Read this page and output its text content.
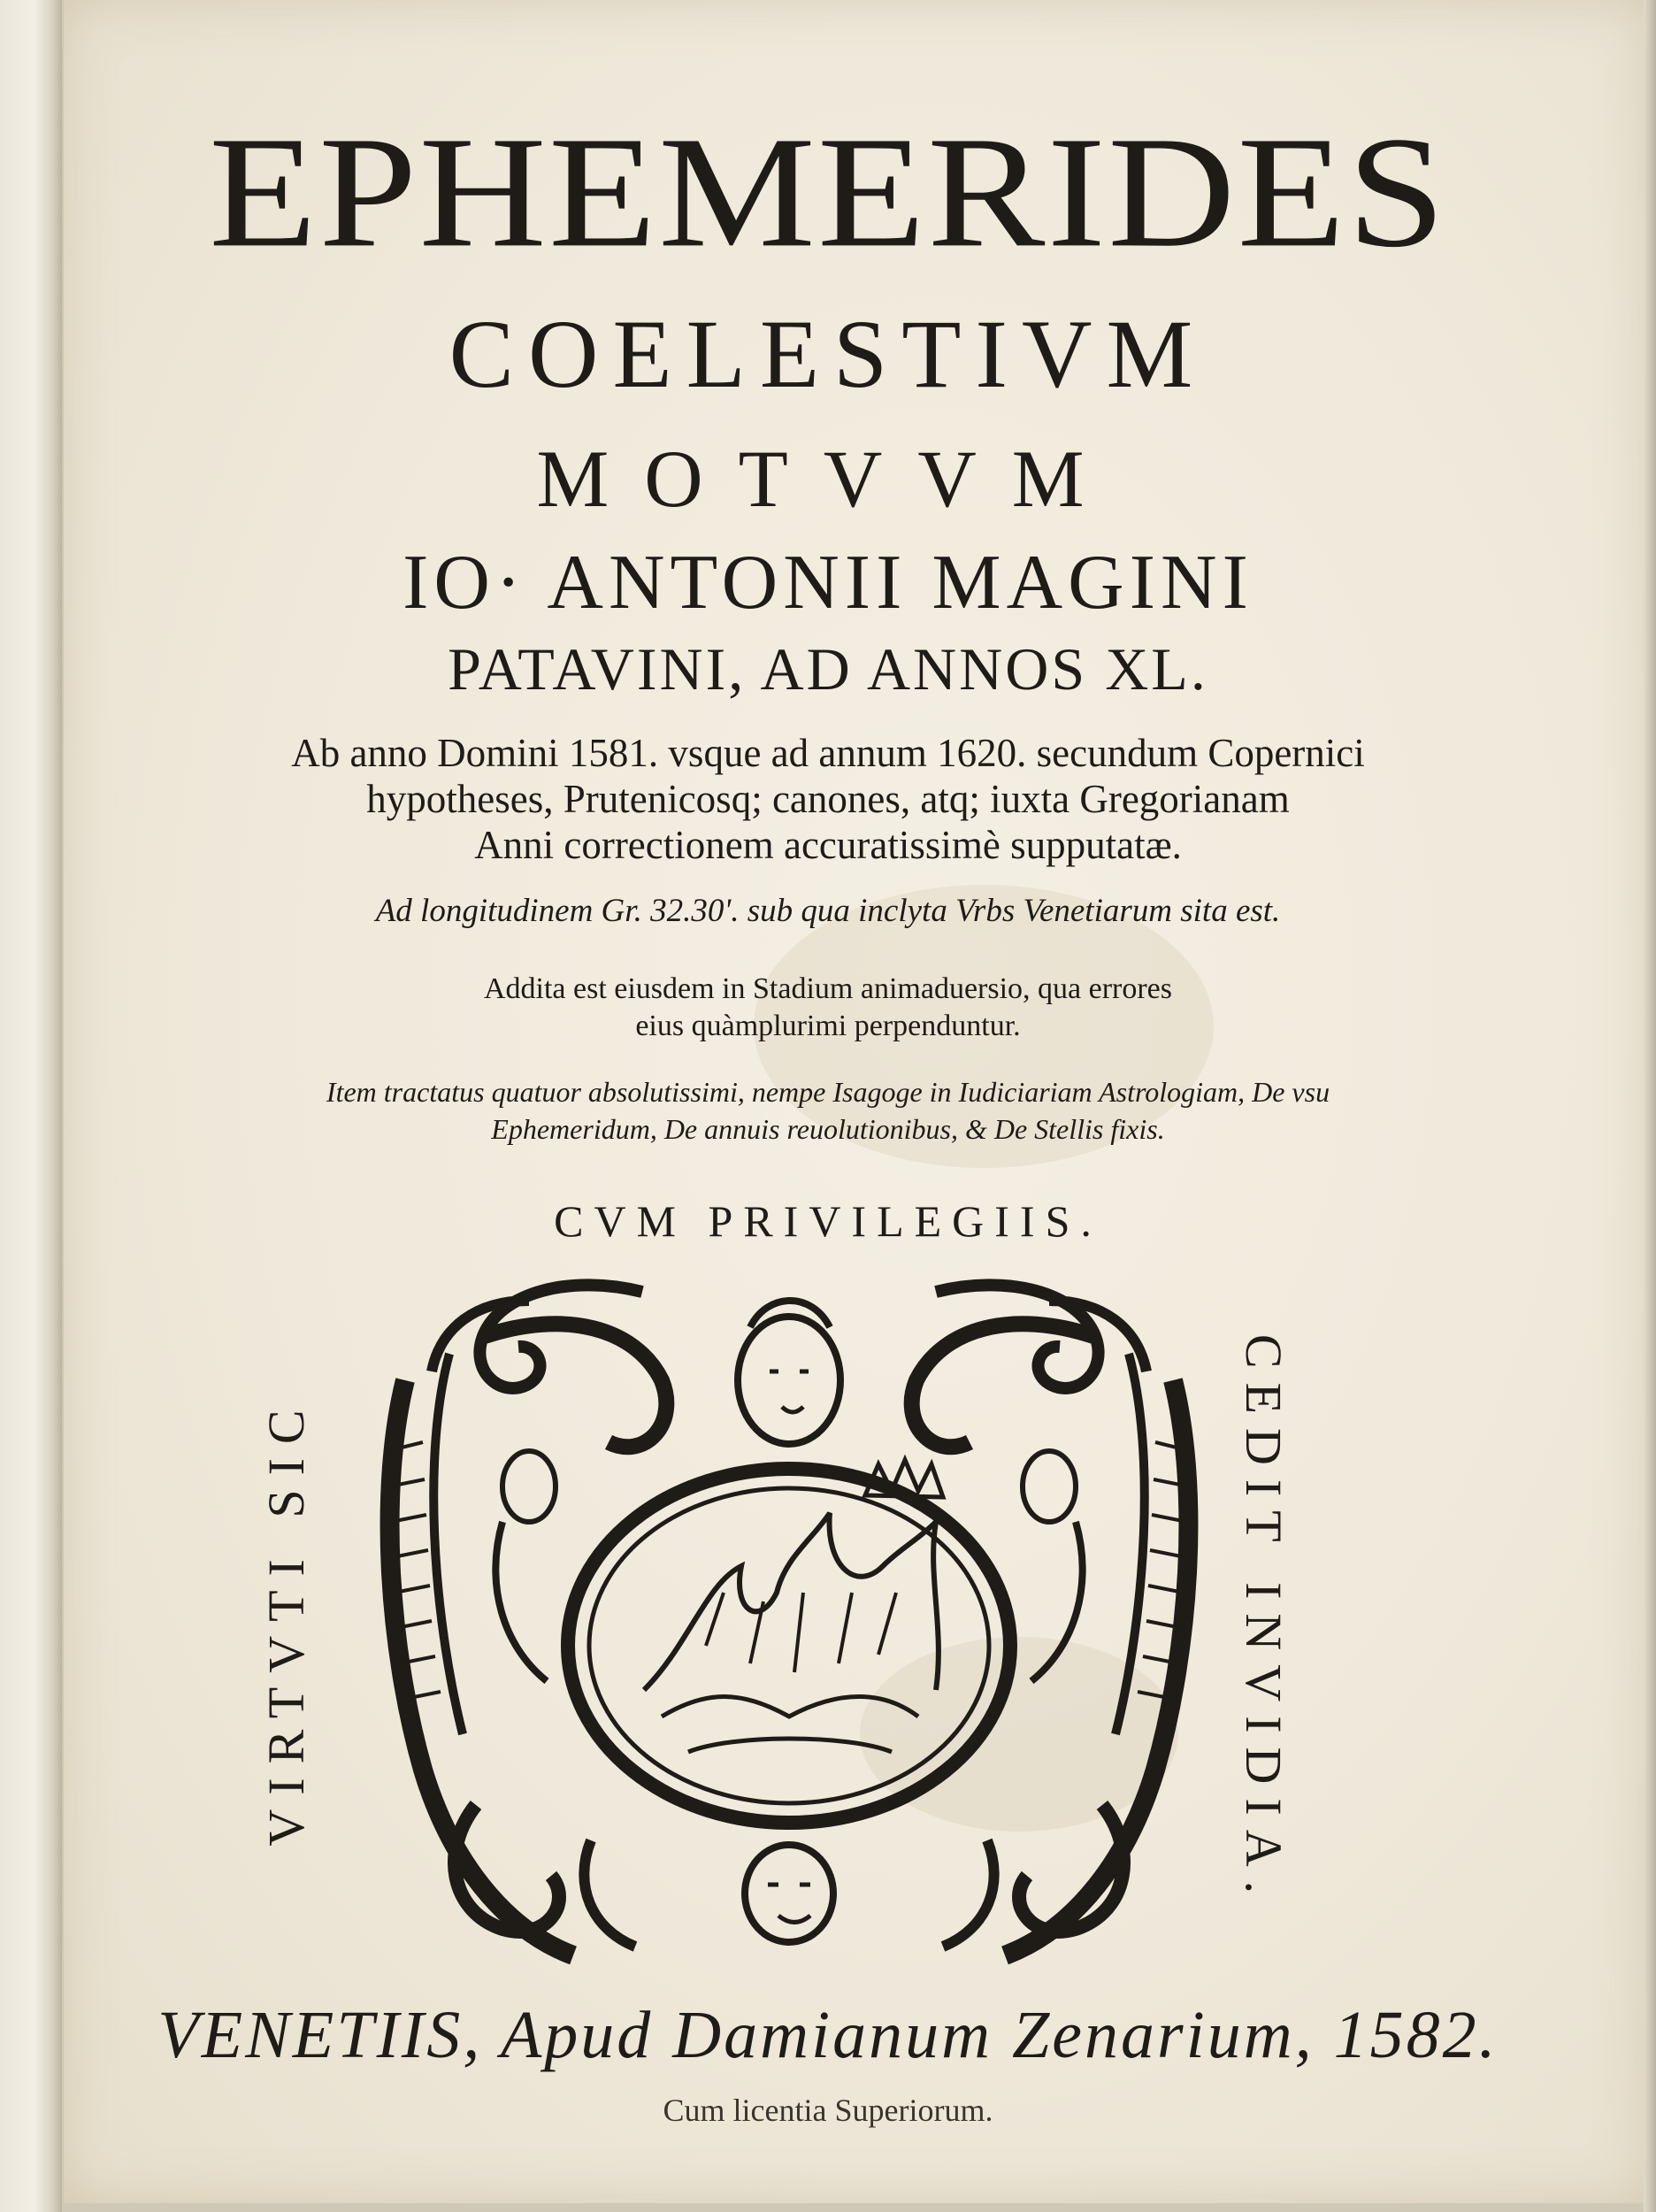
EPHEMERIDES
COELESTIVM
MOTVVM
IO· ANTONII MAGINI
PATAVINI, AD ANNOS XL.
Ab anno Domini 1581. vsque ad annum 1620. secundum Copernici
hypotheses, Prutenicosq; canones, atq; iuxta Gregorianam
Anni correctionem accuratissimè supputatæ.
Ad longitudinem Gr. 32.30'. sub qua inclyta Vrbs Venetiarum sita est.
Addita est eiusdem in Stadium animaduersio, qua errores
eius quàmplurimi perpenduntur.
Item tractatus quatuor absolutissimi, nempe Isagoge in Iudiciariam Astrologiam, De vsu
Ephemeridum, De annuis reuolutionibus, & De Stellis fixis.
CVM PRIVILEGIIS.
VIRTVTI SIC	CEDIT INVIDIA.
VENETIIS, Apud Damianum Zenarium, 1582.
Cum licentia Superiorum.
